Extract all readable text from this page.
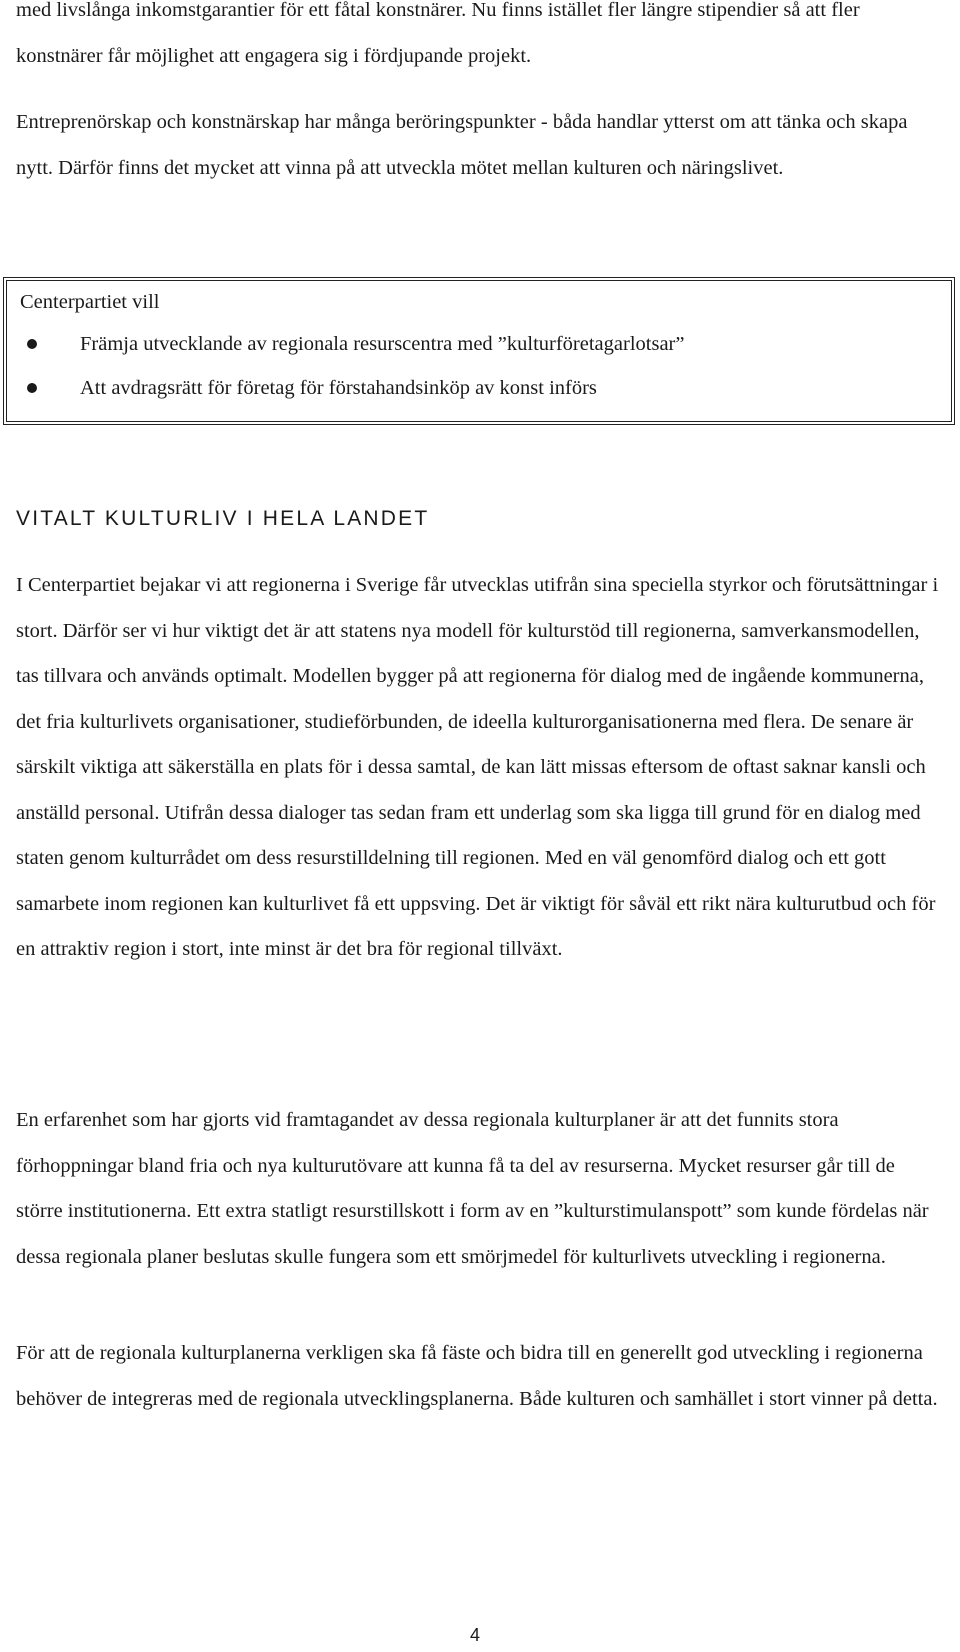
med livslånga inkomstgarantier för ett fåtal konstnärer. Nu finns istället fler längre stipendier så att fler konstnärer får möjlighet att engagera sig i fördjupande projekt.

Entreprenörskap och konstnärskap har många beröringspunkter - båda handlar ytterst om att tänka och skapa nytt. Därför finns det mycket att vinna på att utveckla mötet mellan kulturen och näringslivet.

Centerpartiet vill
Främja utvecklande av regionala resurscentra med ”kulturföretagarlotsar”
Att avdragsrätt för företag för förstahandsinköp av konst införs
VITALT KULTURLIV I HELA LANDET

I Centerpartiet bejakar vi att regionerna i Sverige får utvecklas utifrån sina speciella styrkor och förutsättningar i stort. Därför ser vi hur viktigt det är att statens nya modell för kulturstöd till regionerna, samverkansmodellen, tas tillvara och används optimalt. Modellen bygger på att regionerna för dialog med de ingående kommunerna, det fria kulturlivets organisationer, studieförbunden, de ideella kulturorganisationerna med flera. De senare är särskilt viktiga att säkerställa en plats för i dessa samtal, de kan lätt missas eftersom de oftast saknar kansli och anställd personal. Utifrån dessa dialoger tas sedan fram ett underlag som ska ligga till grund för en dialog med staten genom kulturrådet om dess resurstilldelning till regionen. Med en väl genomförd dialog och ett gott samarbete inom regionen kan kulturlivet få ett uppsving. Det är viktigt för såväl ett rikt nära kulturutbud och för en attraktiv region i stort, inte minst är det bra för regional tillväxt.

En erfarenhet som har gjorts vid framtagandet av dessa regionala kulturplaner är att det funnits stora förhoppningar bland fria och nya kulturutövare att kunna få ta del av resurserna. Mycket resurser går till de större institutionerna. Ett extra statligt resurstillskott i form av en ”kulturstimulanspott” som kunde fördelas när dessa regionala planer beslutas skulle fungera som ett smörjmedel för kulturlivets utveckling i regionerna.

För att de regionala kulturplanerna verkligen ska få fäste och bidra till en generellt god utveckling i regionerna behöver de integreras med de regionala utvecklingsplanerna. Både kulturen och samhället i stort vinner på detta.

4
